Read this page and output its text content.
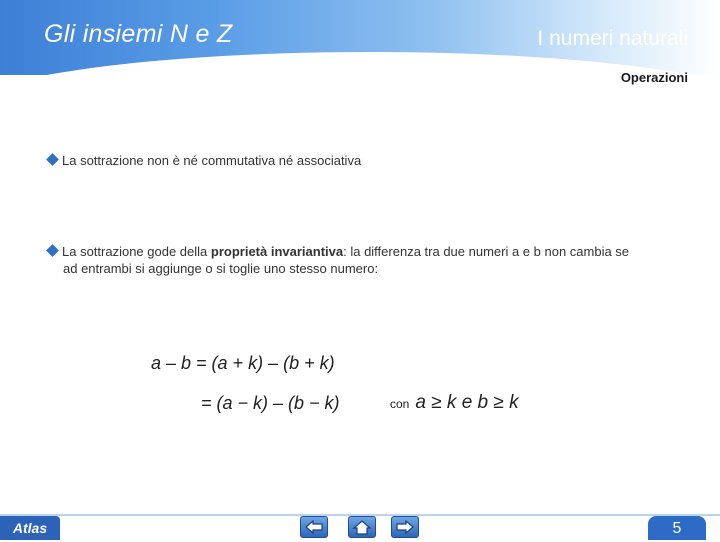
Gli insiemi N e Z	I numeri naturali
Operazioni
La sottrazione non è né commutativa né associativa
La sottrazione gode della proprietà invariantiva: la differenza tra due numeri a e b non cambia se
ad entrambi si aggiunge o si toglie uno stesso numero:
a – b = (a + k) – (b + k)
= (a − k) – (b − k)	con a ≥ k e b ≥ k
Atlas	5
